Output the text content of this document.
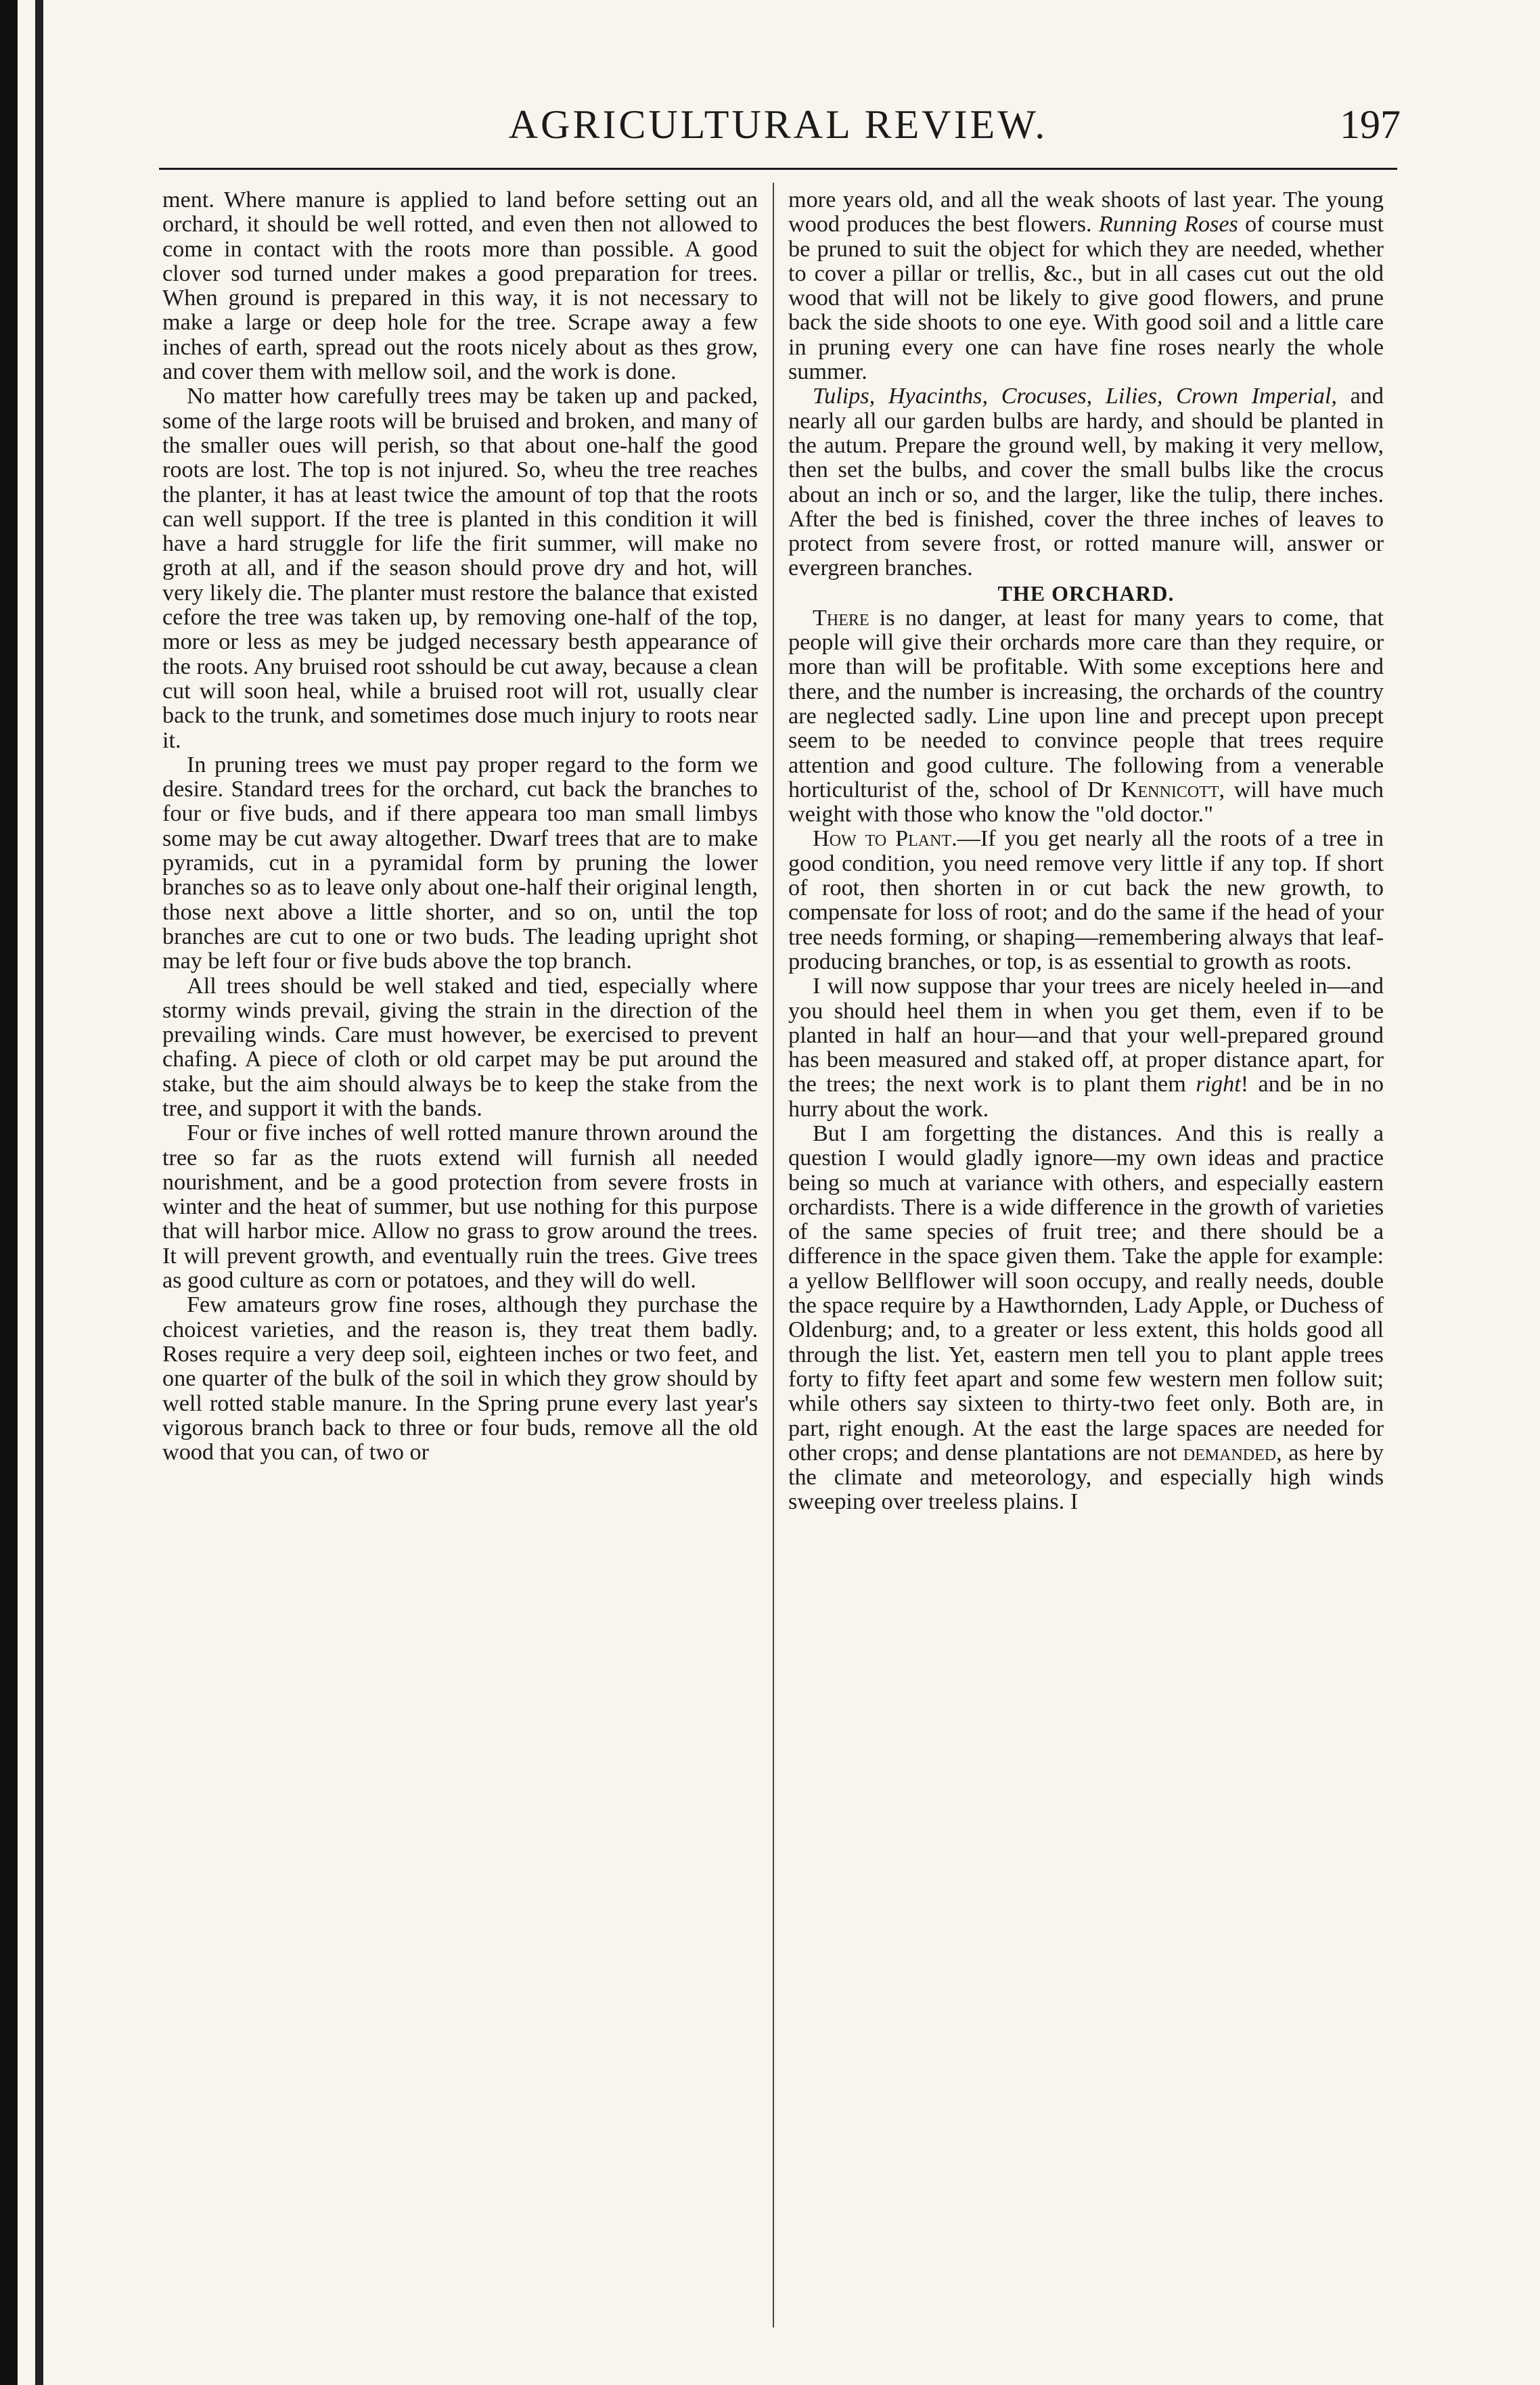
AGRICULTURAL REVIEW.	197

ment. Where manure is applied to land before setting out an orchard, it should be well rotted, and even then not allowed to come in contact with the roots more than possible. A good clover sod turned under makes a good preparation for trees. When ground is prepared in this way, it is not necessary to make a large or deep hole for the tree. Scrape away a few inches of earth, spread out the roots nicely about as thes grow, and cover them with mellow soil, and the work is done.

No matter how carefully trees may be taken up and packed, some of the large roots will be bruised and broken, and many of the smaller oues will perish, so that about one-half the good roots are lost. The top is not injured. So, wheu the tree reaches the planter, it has at least twice the amount of top that the roots can well support. If the tree is planted in this condition it will have a hard struggle for life the firit summer, will make no groth at all, and if the season should prove dry and hot, will very likely die. The planter must restore the balance that existed cefore the tree was taken up, by removing one-half of the top, more or less as mey be judged necessary besth appearance of the roots. Any bruised root sshould be cut away, because a clean cut will soon heal, while a bruised root will rot, usually clear back to the trunk, and sometimes dose much injury to roots near it.

In pruning trees we must pay proper regard to the form we desire. Standard trees for the orchard, cut back the branches to four or five buds, and if there appeara too man small limbys some may be cut away altogether. Dwarf trees that are to make pyramids, cut in a pyramidal form by pruning the lower branches so as to leave only about one-half their original length, those next above a little shorter, and so on, until the top branches are cut to one or two buds. The leading upright shot may be left four or five buds above the top branch.

All trees should be well staked and tied, especially where stormy winds prevail, giving the strain in the direction of the prevailing winds. Care must however, be exercised to prevent chafing. A piece of cloth or old carpet may be put around the stake, but the aim should always be to keep the stake from the tree, and support it with the bands.

Four or five inches of well rotted manure thrown around the tree so far as the ruots extend will furnish all needed nourishment, and be a good protection from severe frosts in winter and the heat of summer, but use nothing for this purpose that will harbor mice. Allow no grass to grow around the trees. It will prevent growth, and eventually ruin the trees. Give trees as good culture as corn or potatoes, and they will do well.

Few amateurs grow fine roses, although they purchase the choicest varieties, and the reason is, they treat them badly. Roses require a very deep soil, eighteen inches or two feet, and one quarter of the bulk of the soil in which they grow should by well rotted stable manure. In the Spring prune every last year's vigorous branch back to three or four buds, remove all the old wood that you can, of two or

more years old, and all the weak shoots of last year. The young wood produces the best flowers. Running Roses of course must be pruned to suit the object for which they are needed, whether to cover a pillar or trellis, &c., but in all cases cut out the old wood that will not be likely to give good flowers, and prune back the side shoots to one eye. With good soil and a little care in pruning every one can have fine roses nearly the whole summer.

Tulips, Hyacinths, Crocuses, Lilies, Crown Imperial, and nearly all our garden bulbs are hardy, and should be planted in the autum. Prepare the ground well, by making it very mellow, then set the bulbs, and cover the small bulbs like the crocus about an inch or so, and the larger, like the tulip, there inches. After the bed is finished, cover the three inches of leaves to protect from severe frost, or rotted manure will, answer or evergreen branches.

THE ORCHARD.

There is no danger, at least for many years to come, that people will give their orchards more care than they require, or more than will be profitable. With some exceptions here and there, and the number is increasing, the orchards of the country are neglected sadly. Line upon line and precept upon precept seem to be needed to convince people that trees require attention and good culture. The following from a venerable horticulturist of the, school of Dr Kennicott, will have much weight with those who know the "old doctor."

How to Plant.—If you get nearly all the roots of a tree in good condition, you need remove very little if any top. If short of root, then shorten in or cut back the new growth, to compensate for loss of root; and do the same if the head of your tree needs forming, or shaping—remembering always that leaf-producing branches, or top, is as essential to growth as roots.

I will now suppose thar your trees are nicely heeled in—and you should heel them in when you get them, even if to be planted in half an hour—and that your well-prepared ground has been measured and staked off, at proper distance apart, for the trees; the next work is to plant them right! and be in no hurry about the work.

But I am forgetting the distances. And this is really a question I would gladly ignore—my own ideas and practice being so much at variance with others, and especially eastern orchardists. There is a wide difference in the growth of varieties of the same species of fruit tree; and there should be a difference in the space given them. Take the apple for example: a yellow Bellflower will soon occupy, and really needs, double the space require by a Hawthornden, Lady Apple, or Duchess of Oldenburg; and, to a greater or less extent, this holds good all through the list. Yet, eastern men tell you to plant apple trees forty to fifty feet apart and some few western men follow suit; while others say sixteen to thirty-two feet only. Both are, in part, right enough. At the east the large spaces are needed for other crops; and dense plantations are not demanded, as here by the climate and meteorology, and especially high winds sweeping over treeless plains. I
